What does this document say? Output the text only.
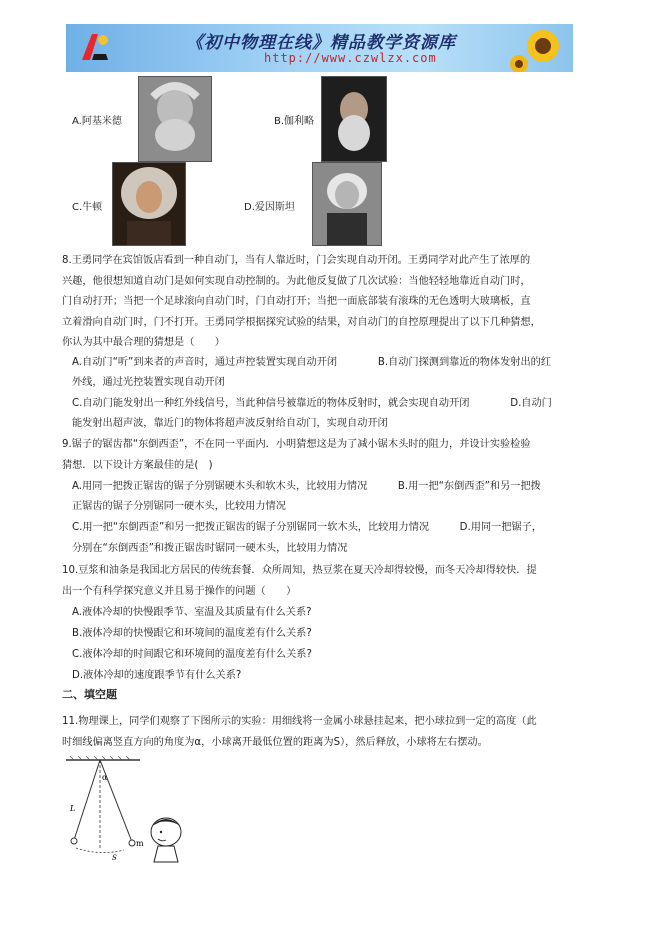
《初中物理在线》精品教学资源库
http://www.czwlzx.com
A.阿基米德	B.伽利略
C.牛顿	D.爱因斯坦
8.王勇同学在宾馆饭店看到一种自动门，当有人靠近时，门会实现自动开闭。王勇同学对此产生了浓厚的
兴趣，他很想知道自动门是如何实现自动控制的。为此他反复做了几次试验：当他轻轻地靠近自动门时，
门自动打开；当把一个足球滚向自动门时，门自动打开；当把一面底部装有滚珠的无色透明大玻璃板，直
立着滑向自动门时，门不打开。王勇同学根据探究试验的结果，对自动门的自控原理提出了以下几种猜想，
你认为其中最合理的猜想是（　　）
A.自动门“听”到来者的声音时，通过声控装置实现自动开闭　　　　B.自动门探测到靠近的物体发射出的红
外线，通过光控装置实现自动开闭
C.自动门能发射出一种红外线信号，当此种信号被靠近的物体反射时，就会实现自动开闭　　　　D.自动门
能发射出超声波，靠近门的物体将超声波反射给自动门，实现自动开闭
9.锯子的锯齿都“东倒西歪”，不在同一平面内．小明猜想这是为了减小锯木头时的阻力，并设计实验检验
猜想．以下设计方案最佳的是(　)
A.用同一把拨正锯齿的锯子分别锯硬木头和软木头，比较用力情况　　　B.用一把“东倒西歪”和另一把拨
正锯齿的锯子分别锯同一硬木头，比较用力情况
C.用一把“东倒西歪”和另一把拨正锯齿的锯子分别锯同一软木头，比较用力情况　　　D.用同一把锯子，
分别在“东倒西歪”和拨正锯齿时锯同一硬木头，比较用力情况
10.豆浆和油条是我国北方居民的传统套餐．众所周知，热豆浆在夏天冷却得较慢，而冬天冷却得较快．提
出一个有科学探究意义并且易于操作的问题（　　）
A.液体冷却的快慢跟季节、室温及其质量有什么关系?
B.液体冷却的快慢跟它和环境间的温度差有什么关系?
C.液体冷却的时间跟它和环境间的温度差有什么关系?
D.液体冷却的速度跟季节有什么关系?
二、填空题
11.物理课上，同学们观察了下图所示的实验：用细线将一金属小球悬挂起来，把小球拉到一定的高度（此
时细线偏离竖直方向的角度为α，小球离开最低位置的距离为S），然后释放，小球将左右摆动。
L
α
m
S
